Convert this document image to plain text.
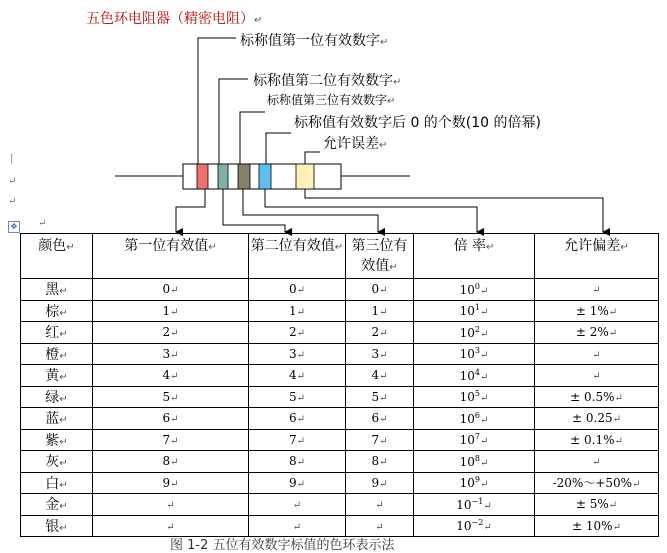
五色环电阻器（精密电阻）↵
标称值第一位有效数字↵
标称值第二位有效数字↵
标称值第三位有效数字↵
标称值有效数字后 0 的个数(10 的倍幂)
允许误差↵
|
↵
↵
↵
✥
颜色↵	第一位有效值↵	第二位有效值↵	第三位有效值↵	倍 率↵	允许偏差↵
黑↵	0↵	0↵	0↵	$10^0↵$	↵
棕↵	1↵	1↵	1↵	$10^1↵$	± 1%↵
红↵	2↵	2↵	2↵	$10^2↵$	± 2%↵
橙↵	3↵	3↵	3↵	$10^3↵$	↵
黄↵	4↵	4↵	4↵	$10^4↵$	↵
绿↵	5↵	5↵	5↵	$10^5↵$	± 0.5%↵
蓝↵	6↵	6↵	6↵	$10^6↵$	± 0.25↵
紫↵	7↵	7↵	7↵	$10^7↵$	± 0.1%↵
灰↵	8↵	8↵	8↵	$10^8↵$	↵
白↵	9↵	9↵	9↵	$10^9↵$	-20%～+50%↵
金↵	↵	↵	↵	$10^{-1}↵$	± 5%↵
银↵	↵	↵	↵	$10^{-2}↵$	± 10%↵
图 1-2 五位有效数字标值的色环表示法
